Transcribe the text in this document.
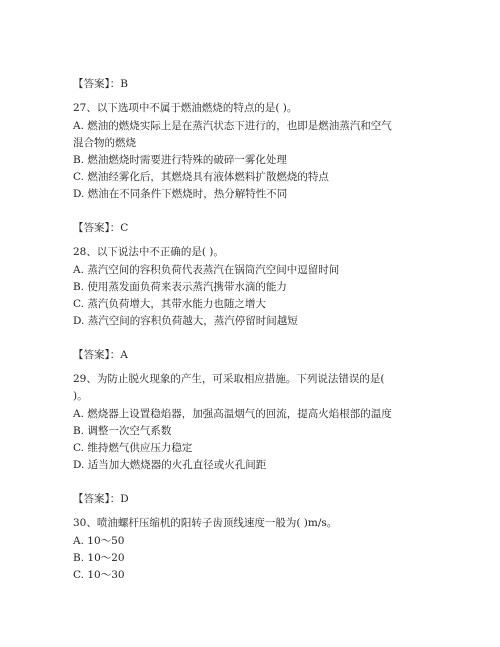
【答案】：B
27、以下选项中不属于燃油燃烧的特点的是( )。
A. 燃油的燃烧实际上是在蒸汽状态下进行的，也即是燃油蒸汽和空气
混合物的燃烧
B. 燃油燃烧时需要进行特殊的破碎一雾化处理
C. 燃油经雾化后，其燃烧具有液体燃料扩散燃烧的特点
D. 燃油在不同条件下燃烧时，热分解特性不同
【答案】：C
28、以下说法中不正确的是( )。
A. 蒸汽空间的容积负荷代表蒸汽在锅筒汽空间中逗留时间
B. 使用蒸发面负荷来表示蒸汽携带水滴的能力
C. 蒸汽负荷增大，其带水能力也随之增大
D. 蒸汽空间的容积负荷越大，蒸汽停留时间越短
【答案】：A
29、为防止脱火现象的产生，可采取相应措施。下列说法错误的是(
)。
A. 燃烧器上设置稳焰器，加强高温烟气的回流，提高火焰根部的温度
B. 调整一次空气系数
C. 维持燃气供应压力稳定
D. 适当加大燃烧器的火孔直径或火孔间距
【答案】：D
30、喷油螺杆压缩机的阳转子齿顶线速度一般为( )m/s。
A. 10～50
B. 10～20
C. 10～30
